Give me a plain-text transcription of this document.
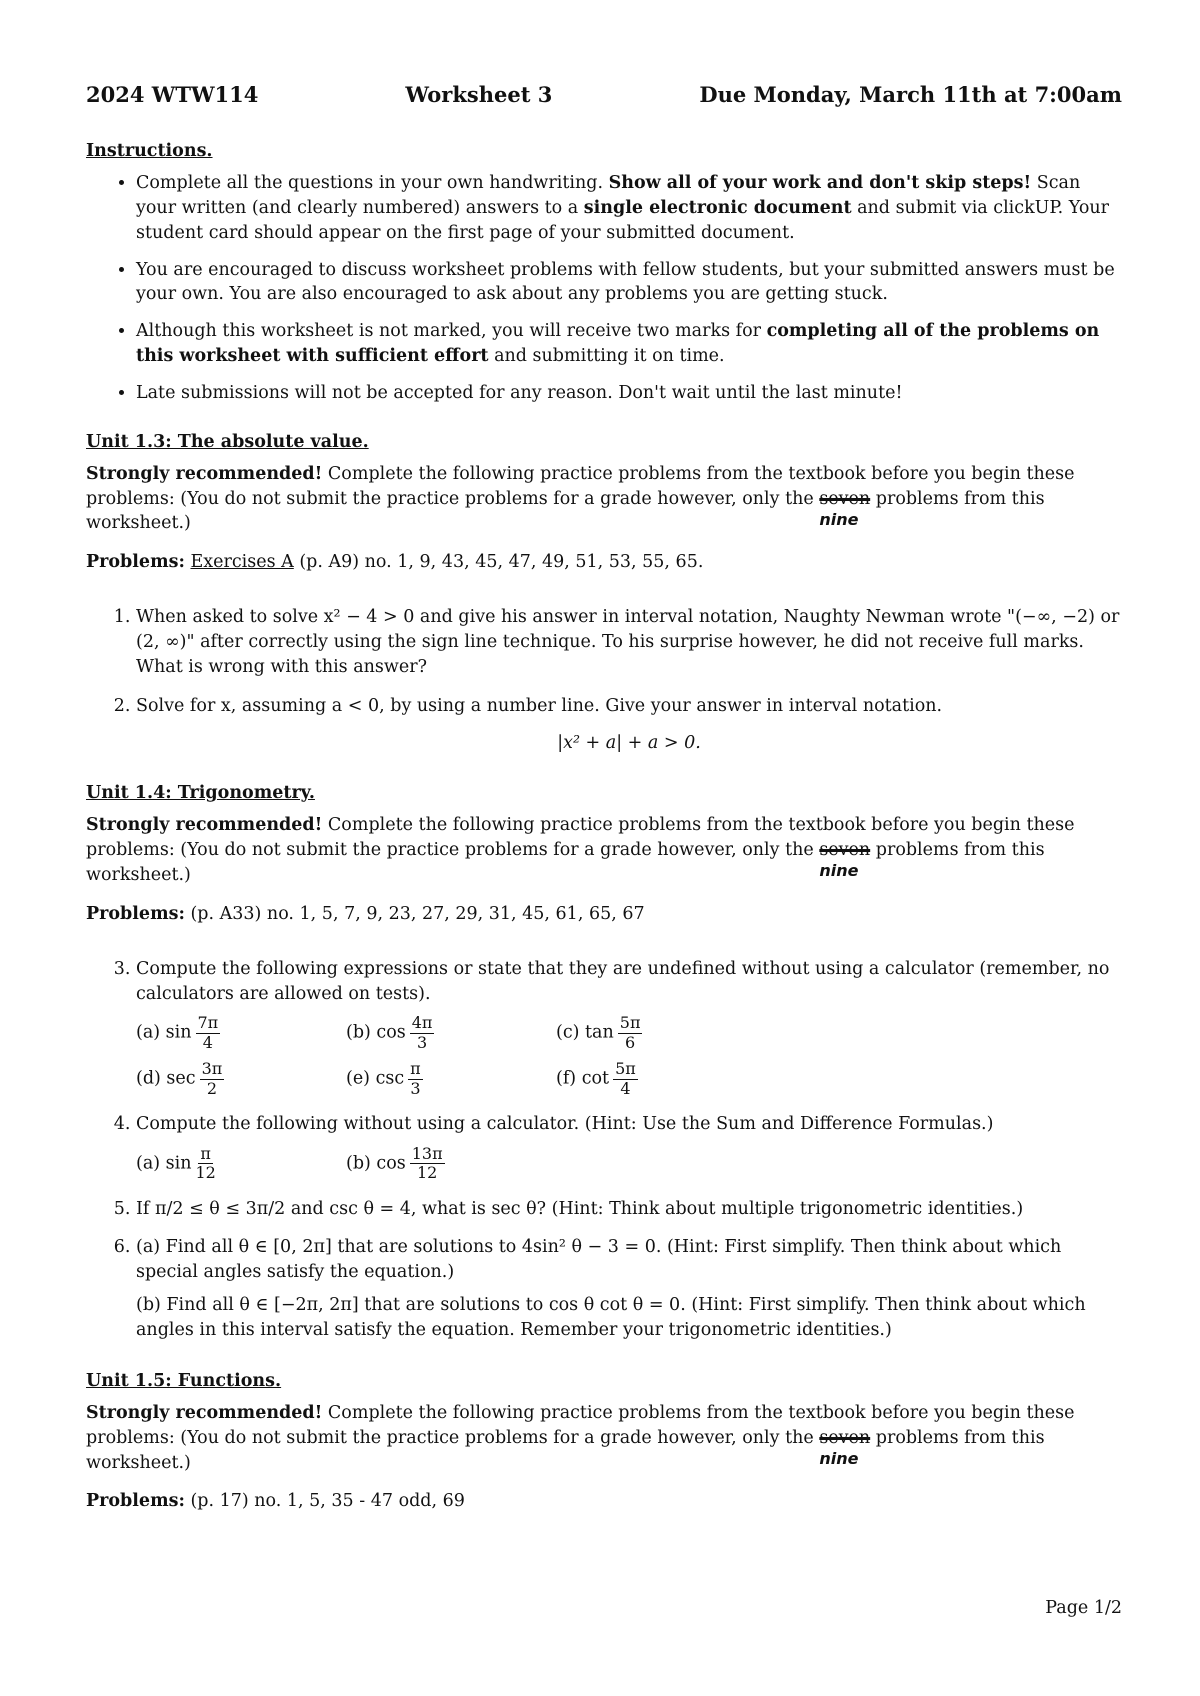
2024 WTW114	Worksheet 3	Due Monday, March 11th at 7:00am
Instructions.
• Complete all the questions in your own handwriting. Show all of your work and don't skip steps! Scan your written (and clearly numbered) answers to a single electronic document and submit via clickUP. Your student card should appear on the first page of your submitted document.
• You are encouraged to discuss worksheet problems with fellow students, but your submitted answers must be your own. You are also encouraged to ask about any problems you are getting stuck.
• Although this worksheet is not marked, you will receive two marks for completing all of the problems on this worksheet with sufficient effort and submitting it on time.
• Late submissions will not be accepted for any reason. Don't wait until the last minute!
Unit 1.3: The absolute value.

Strongly recommended! Complete the following practice problems from the textbook before you begin these problems: (You do not submit the practice problems for a grade however, only the seven
nine
problems from this worksheet.)

Problems: Exercises A (p. A9) no. 1, 9, 43, 45, 47, 49, 51, 53, 55, 65.

1. When asked to solve x² − 4 > 0 and give his answer in interval notation, Naughty Newman wrote "(−∞, −2) or (2, ∞)" after correctly using the sign line technique. To his surprise however, he did not receive full marks. What is wrong with this answer?
2. Solve for x, assuming a < 0, by using a number line. Give your answer in interval notation.
|x² + a| + a > 0.
Unit 1.4: Trigonometry.

Strongly recommended! Complete the following practice problems from the textbook before you begin these problems: (You do not submit the practice problems for a grade however, only the seven
nine
problems from this worksheet.)

Problems: (p. A33) no. 1, 5, 7, 9, 23, 27, 29, 31, 45, 61, 65, 67

3. Compute the following expressions or state that they are undefined without using a calculator (remember, no calculators are allowed on tests).
(a) $\sin \frac{7\pi}{4}$	(b) $\cos \frac{4\pi}{3}$	(c) $\tan \frac{5\pi}{6}$
(d) $\sec \frac{3\pi}{2}$	(e) $\csc \frac{\pi}{3}$	(f) $\cot \frac{5\pi}{4}$
4. Compute the following without using a calculator. (Hint: Use the Sum and Difference Formulas.)
(a) $\sin \frac{\pi}{12}$	(b) $\cos \frac{13\pi}{12}$
5. If π/2 ≤ θ ≤ 3π/2 and csc θ = 4, what is sec θ? (Hint: Think about multiple trigonometric identities.)
6. (a) Find all θ ∈ [0, 2π] that are solutions to 4sin² θ − 3 = 0. (Hint: First simplify. Then think about which special angles satisfy the equation.)
(b) Find all θ ∈ [−2π, 2π] that are solutions to cos θ cot θ = 0. (Hint: First simplify. Then think about which angles in this interval satisfy the equation. Remember your trigonometric identities.)
Unit 1.5: Functions.

Strongly recommended! Complete the following practice problems from the textbook before you begin these problems: (You do not submit the practice problems for a grade however, only the seven
nine
problems from this worksheet.)

Problems: (p. 17) no. 1, 5, 35 - 47 odd, 69

Page 1/2
